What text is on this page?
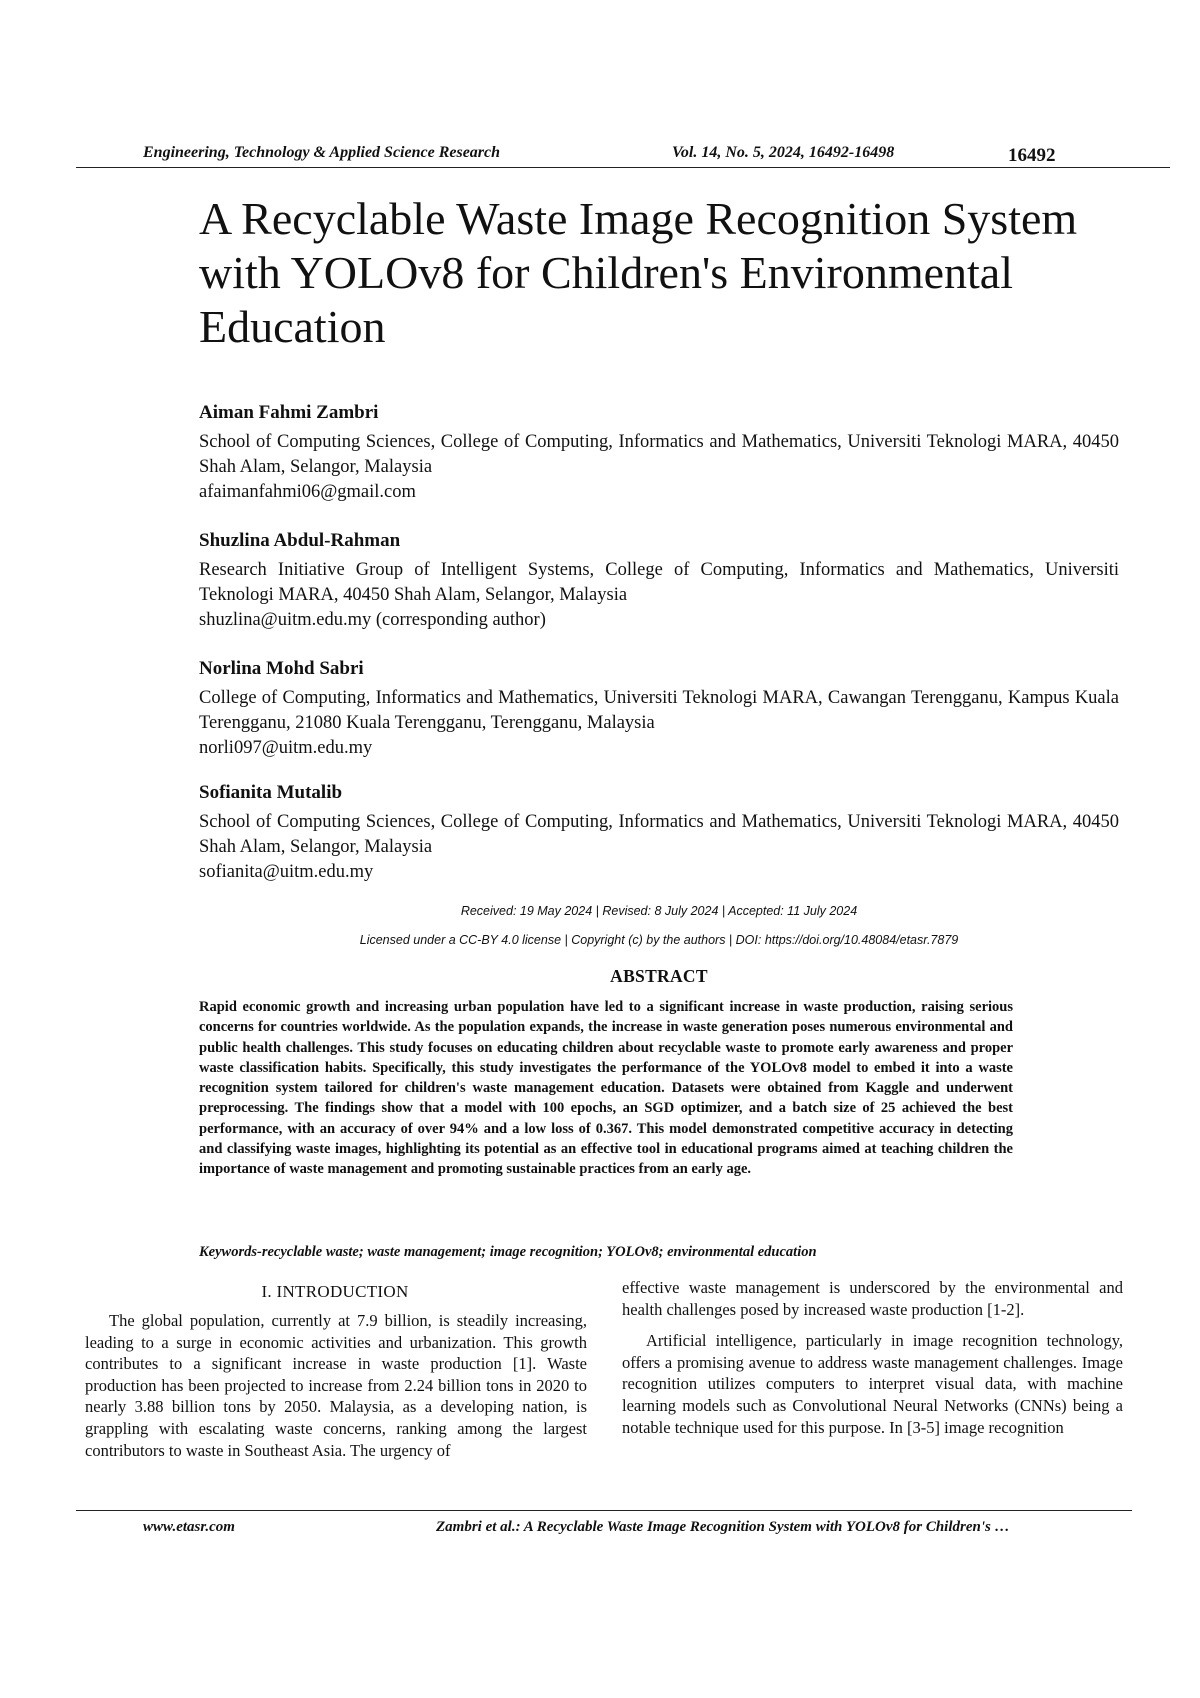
Engineering, Technology & Applied Science Research	Vol. 14, No. 5, 2024, 16492-16498	16492
A Recyclable Waste Image Recognition System
with YOLOv8 for Children's Environmental
Education
Aiman Fahmi Zambri
School of Computing Sciences, College of Computing, Informatics and Mathematics, Universiti Teknologi MARA, 40450 Shah Alam, Selangor, Malaysia
afaimanfahmi06@gmail.com
Shuzlina Abdul-Rahman
Research Initiative Group of Intelligent Systems, College of Computing, Informatics and Mathematics, Universiti Teknologi MARA, 40450 Shah Alam, Selangor, Malaysia
shuzlina@uitm.edu.my (corresponding author)
Norlina Mohd Sabri
College of Computing, Informatics and Mathematics, Universiti Teknologi MARA, Cawangan Terengganu, Kampus Kuala Terengganu, 21080 Kuala Terengganu, Terengganu, Malaysia
norli097@uitm.edu.my
Sofianita Mutalib
School of Computing Sciences, College of Computing, Informatics and Mathematics, Universiti Teknologi MARA, 40450 Shah Alam, Selangor, Malaysia
sofianita@uitm.edu.my
Received: 19 May 2024 | Revised: 8 July 2024 | Accepted: 11 July 2024
Licensed under a CC-BY 4.0 license | Copyright (c) by the authors | DOI: https://doi.org/10.48084/etasr.7879
ABSTRACT
Rapid economic growth and increasing urban population have led to a significant increase in waste production, raising serious concerns for countries worldwide. As the population expands, the increase in waste generation poses numerous environmental and public health challenges. This study focuses on educating children about recyclable waste to promote early awareness and proper waste classification habits. Specifically, this study investigates the performance of the YOLOv8 model to embed it into a waste recognition system tailored for children's waste management education. Datasets were obtained from Kaggle and underwent preprocessing. The findings show that a model with 100 epochs, an SGD optimizer, and a batch size of 25 achieved the best performance, with an accuracy of over 94% and a low loss of 0.367. This model demonstrated competitive accuracy in detecting and classifying waste images, highlighting its potential as an effective tool in educational programs aimed at teaching children the importance of waste management and promoting sustainable practices from an early age.
Keywords-recyclable waste; waste management; image recognition; YOLOv8; environmental education
I. INTRODUCTION

The global population, currently at 7.9 billion, is steadily increasing, leading to a surge in economic activities and urbanization. This growth contributes to a significant increase in waste production [1]. Waste production has been projected to increase from 2.24 billion tons in 2020 to nearly 3.88 billion tons by 2050. Malaysia, as a developing nation, is grappling with escalating waste concerns, ranking among the largest contributors to waste in Southeast Asia. The urgency of

effective waste management is underscored by the environmental and health challenges posed by increased waste production [1-2].

Artificial intelligence, particularly in image recognition technology, offers a promising avenue to address waste management challenges. Image recognition utilizes computers to interpret visual data, with machine learning models such as Convolutional Neural Networks (CNNs) being a notable technique used for this purpose. In [3-5] image recognition

www.etasr.com	Zambri et al.: A Recyclable Waste Image Recognition System with YOLOv8 for Children's …
